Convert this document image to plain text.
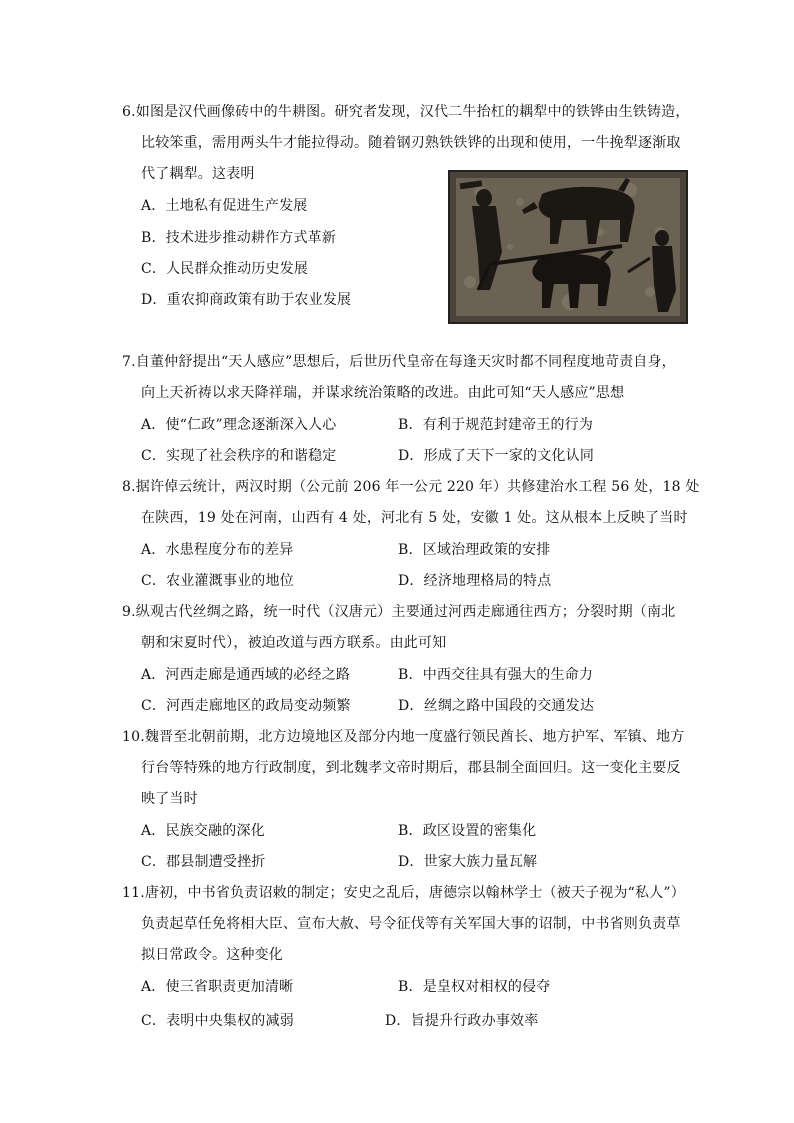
6.如图是汉代画像砖中的牛耕图。研究者发现，汉代二牛抬杠的耦犁中的铁铧由生铁铸造，
比较笨重，需用两头牛才能拉得动。随着钢刃熟铁铁铧的出现和使用，一牛挽犁逐渐取
代了耦犁。这表明
A．土地私有促进生产发展
B．技术进步推动耕作方式革新
C．人民群众推动历史发展
D．重农抑商政策有助于农业发展
7.自董仲舒提出“天人感应”思想后，后世历代皇帝在每逢天灾时都不同程度地苛责自身，
向上天祈祷以求天降祥瑞，并谋求统治策略的改进。由此可知“天人感应”思想
A．使“仁政”理念逐渐深入人心	B．有利于规范封建帝王的行为
C．实现了社会秩序的和谐稳定	D．形成了天下一家的文化认同
8.据许倬云统计，两汉时期（公元前 206 年一公元 220 年）共修建治水工程 56 处，18 处
在陕西，19 处在河南，山西有 4 处，河北有 5 处，安徽 1 处。这从根本上反映了当时
A．水患程度分布的差异	B．区域治理政策的安排
C．农业灌溉事业的地位	D．经济地理格局的特点
9.纵观古代丝绸之路，统一时代（汉唐元）主要通过河西走廊通往西方；分裂时期（南北
朝和宋夏时代），被迫改道与西方联系。由此可知
A．河西走廊是通西域的必经之路	B．中西交往具有强大的生命力
C．河西走廊地区的政局变动频繁	D．丝绸之路中国段的交通发达
10.魏晋至北朝前期，北方边境地区及部分内地一度盛行领民酋长、地方护军、军镇、地方
行台等特殊的地方行政制度，到北魏孝文帝时期后，郡县制全面回归。这一变化主要反
映了当时
A．民族交融的深化	B．政区设置的密集化
C．郡县制遭受挫折	D．世家大族力量瓦解
11.唐初，中书省负责诏敕的制定；安史之乱后，唐德宗以翰林学士（被天子视为“私人”）
负责起草任免将相大臣、宣布大赦、号令征伐等有关军国大事的诏制，中书省则负责草
拟日常政令。这种变化
A．使三省职责更加清晰	B．是皇权对相权的侵夺
C．表明中央集权的减弱	D．旨提升行政办事效率
